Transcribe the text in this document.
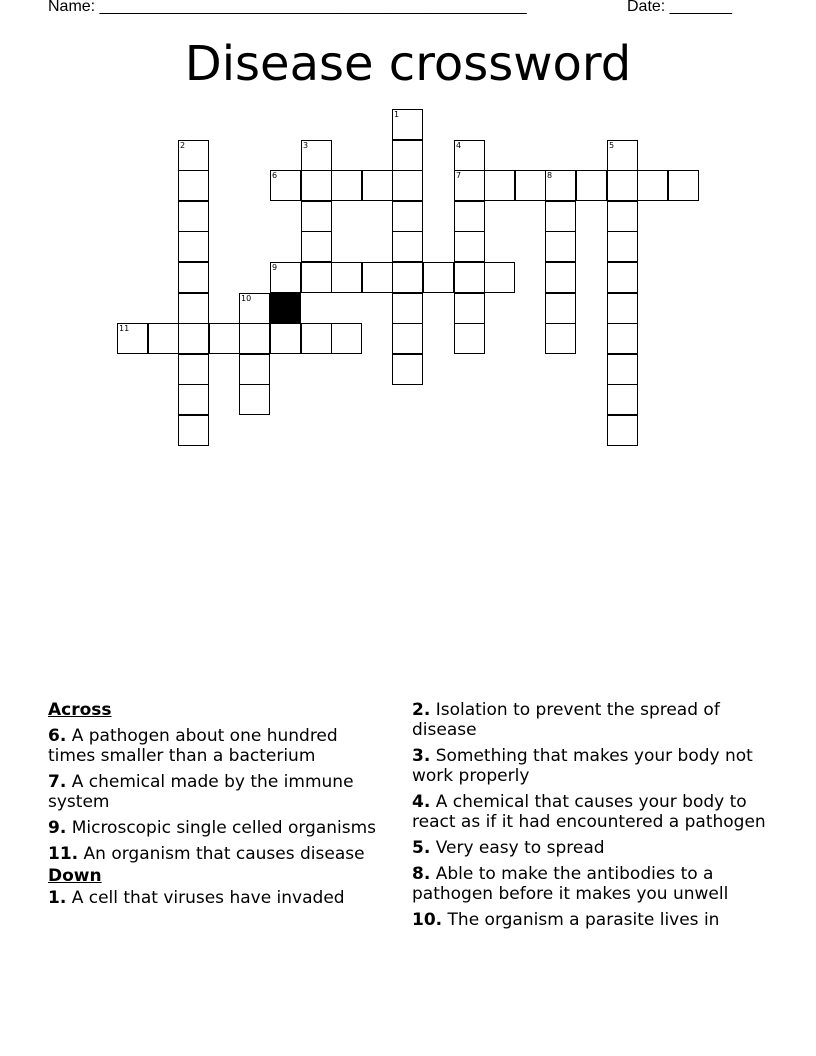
Name: ________________________________________________	Date: _______
Disease crossword
1
2	3	4
7
5
6	8
9
10
11
Across
6. A pathogen about one hundred times smaller than a bacterium
7. A chemical made by the immune system
9. Microscopic single celled organisms
11. An organism that causes disease
Down
1. A cell that viruses have invaded
2. Isolation to prevent the spread of disease
3. Something that makes your body not work properly
4. A chemical that causes your body to react as if it had encountered a pathogen
5. Very easy to spread
8. Able to make the antibodies to a pathogen before it makes you unwell
10. The organism a parasite lives in
